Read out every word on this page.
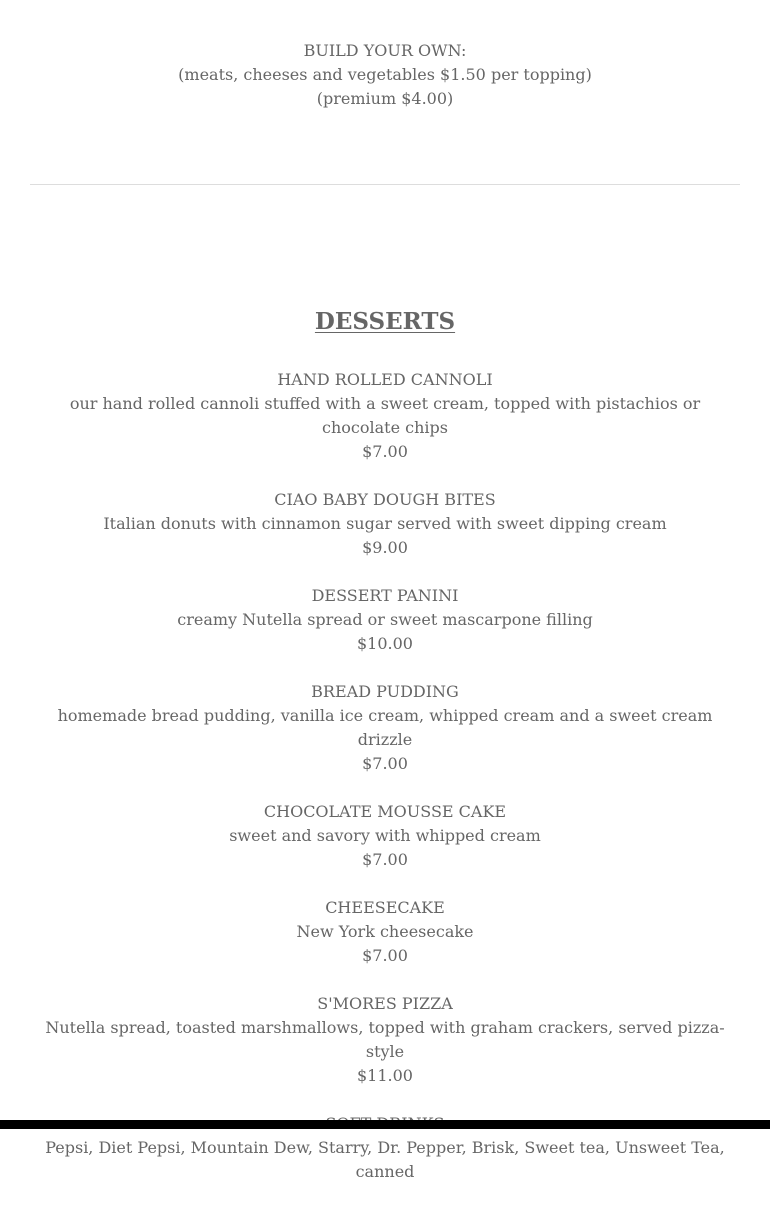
BUILD YOUR OWN:

(meats, cheeses and vegetables $1.50 per topping)

(premium $4.00)

DESSERTS

HAND ROLLED CANNOLI

our hand rolled cannoli stuffed with a sweet cream, topped with pistachios or chocolate chips

$7.00

CIAO BABY DOUGH BITES

Italian donuts with cinnamon sugar served with sweet dipping cream

$9.00

DESSERT PANINI

creamy Nutella spread or sweet mascarpone filling

$10.00

BREAD PUDDING

homemade bread pudding, vanilla ice cream, whipped cream and a sweet cream drizzle

$7.00

CHOCOLATE MOUSSE CAKE

sweet and savory with whipped cream

$7.00

CHEESECAKE

New York cheesecake

$7.00

S'MORES PIZZA

Nutella spread, toasted marshmallows, topped with graham crackers, served pizza-style

$11.00

Pepsi, Diet Pepsi, Mountain Dew, Starry, Dr. Pepper, Brisk, Sweet tea, Unsweet Tea, canned
